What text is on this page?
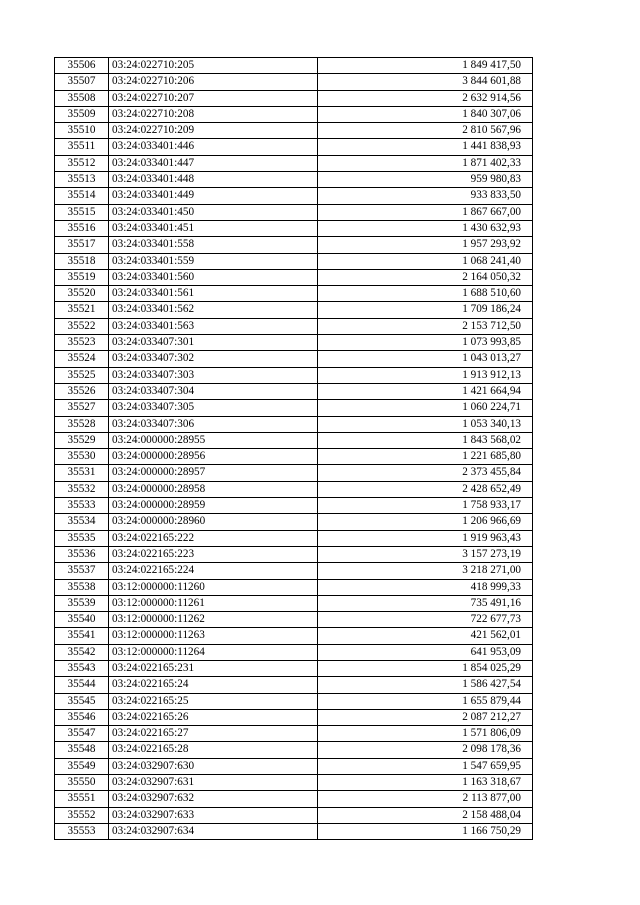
35506	03:24:022710:205	1 849 417,50
35507	03:24:022710:206	3 844 601,88
35508	03:24:022710:207	2 632 914,56
35509	03:24:022710:208	1 840 307,06
35510	03:24:022710:209	2 810 567,96
35511	03:24:033401:446	1 441 838,93
35512	03:24:033401:447	1 871 402,33
35513	03:24:033401:448	959 980,83
35514	03:24:033401:449	933 833,50
35515	03:24:033401:450	1 867 667,00
35516	03:24:033401:451	1 430 632,93
35517	03:24:033401:558	1 957 293,92
35518	03:24:033401:559	1 068 241,40
35519	03:24:033401:560	2 164 050,32
35520	03:24:033401:561	1 688 510,60
35521	03:24:033401:562	1 709 186,24
35522	03:24:033401:563	2 153 712,50
35523	03:24:033407:301	1 073 993,85
35524	03:24:033407:302	1 043 013,27
35525	03:24:033407:303	1 913 912,13
35526	03:24:033407:304	1 421 664,94
35527	03:24:033407:305	1 060 224,71
35528	03:24:033407:306	1 053 340,13
35529	03:24:000000:28955	1 843 568,02
35530	03:24:000000:28956	1 221 685,80
35531	03:24:000000:28957	2 373 455,84
35532	03:24:000000:28958	2 428 652,49
35533	03:24:000000:28959	1 758 933,17
35534	03:24:000000:28960	1 206 966,69
35535	03:24:022165:222	1 919 963,43
35536	03:24:022165:223	3 157 273,19
35537	03:24:022165:224	3 218 271,00
35538	03:12:000000:11260	418 999,33
35539	03:12:000000:11261	735 491,16
35540	03:12:000000:11262	722 677,73
35541	03:12:000000:11263	421 562,01
35542	03:12:000000:11264	641 953,09
35543	03:24:022165:231	1 854 025,29
35544	03:24:022165:24	1 586 427,54
35545	03:24:022165:25	1 655 879,44
35546	03:24:022165:26	2 087 212,27
35547	03:24:022165:27	1 571 806,09
35548	03:24:022165:28	2 098 178,36
35549	03:24:032907:630	1 547 659,95
35550	03:24:032907:631	1 163 318,67
35551	03:24:032907:632	2 113 877,00
35552	03:24:032907:633	2 158 488,04
35553	03:24:032907:634	1 166 750,29
